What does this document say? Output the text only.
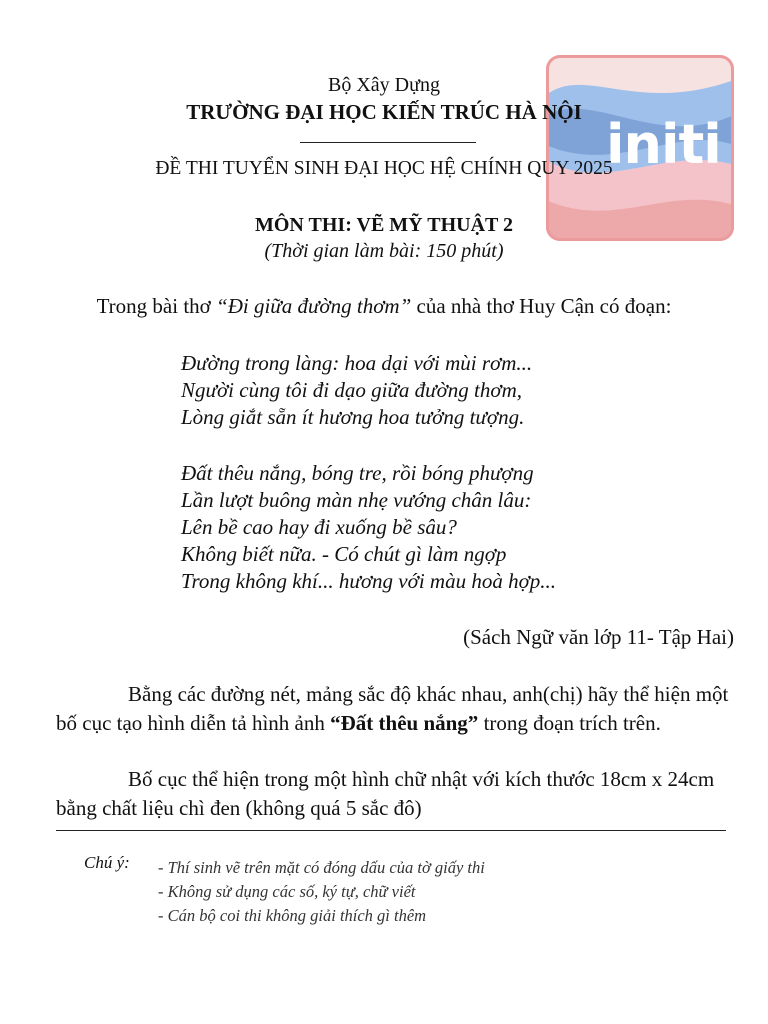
initi
Bộ Xây Dựng
TRƯỜNG ĐẠI HỌC KIẾN TRÚC HÀ NỘI
ĐỀ THI TUYỂN SINH ĐẠI HỌC HỆ CHÍNH QUY 2025
MÔN THI: VẼ MỸ THUẬT 2
(Thời gian làm bài: 150 phút)
Trong bài thơ “Đi giữa đường thơm” của nhà thơ Huy Cận có đoạn:
Đường trong làng: hoa dại với mùi rơm...
Người cùng tôi đi dạo giữa đường thơm,
Lòng giắt sẵn ít hương hoa tưởng tượng.
Đất thêu nắng, bóng tre, rồi bóng phượng
Lần lượt buông màn nhẹ vướng chân lâu:
Lên bề cao hay đi xuống bề sâu?
Không biết nữa. - Có chút gì làm ngợp
Trong không khí... hương với màu hoà hợp...
(Sách Ngữ văn lớp 11- Tập Hai)
Bằng các đường nét, mảng sắc độ khác nhau, anh(chị) hãy thể hiện một bố cục tạo hình diễn tả hình ảnh “Đất thêu nắng” trong đoạn trích trên.
Bố cục thể hiện trong một hình chữ nhật với kích thước 18cm x 24cm bằng chất liệu chì đen (không quá 5 sắc đô)
Chú ý: - Thí sinh vẽ trên mặt có đóng dấu của tờ giấy thi
- Không sử dụng các số, ký tự, chữ viết
- Cán bộ coi thi không giải thích gì thêm
